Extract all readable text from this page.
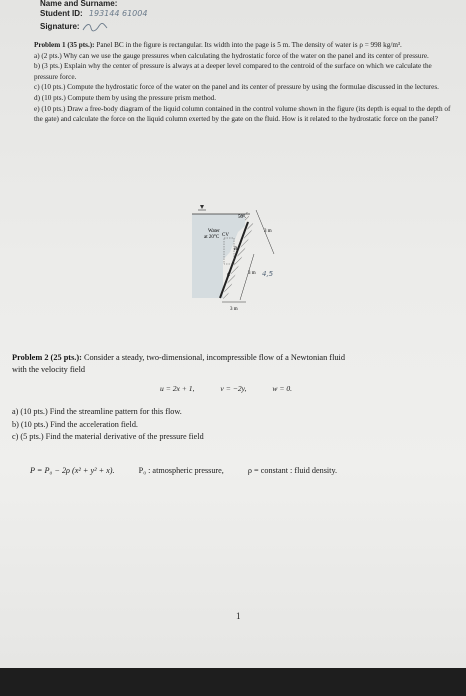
Name and Surname:
Student ID: 193144 61004
Signature:

Problem 1 (35 pts.): Panel BC in the figure is rectangular. Its width into the page is 5 m. The density of water is ρ = 998 kg/m³.

a) (2 pts.) Why can we use the gauge pressures when calculating the hydrostatic force of the water on the panel and its center of pressure.

b) (3 pts.) Explain why the center of pressure is always at a deeper level compared to the centroid of the surface on which we calculate the pressure force.

c) (10 pts.) Compute the hydrostatic force of the water on the panel and its center of pressure by using the formulae discussed in the lectures.

d) (10 pts.) Compute them by using the pressure prism method.

e) (10 pts.) Draw a free-body diagram of the liquid column contained in the control volume shown in the figure (its depth is equal to the depth of the gate) and calculate the force on the liquid column exerted by the gate on the fluid. How is it related to the hydrostatic force on the panel?

Water
at 20°C CV
50°
B
C
3 m
3 m 4,5
3 m

Problem 2 (25 pts.): Consider a steady, two-dimensional, incompressible flow of a Newtonian fluid

with the velocity field

u = 2x + 1,	v = −2y,	w = 0.

a) (10 pts.) Find the streamline pattern for this flow.

b) (10 pts.) Find the acceleration field.

c) (5 pts.) Find the material derivative of the pressure field

P = P₀ − 2ρ (x² + y² + x).	P₀ : atmospheric pressure,	ρ = constant : fluid density.
1
